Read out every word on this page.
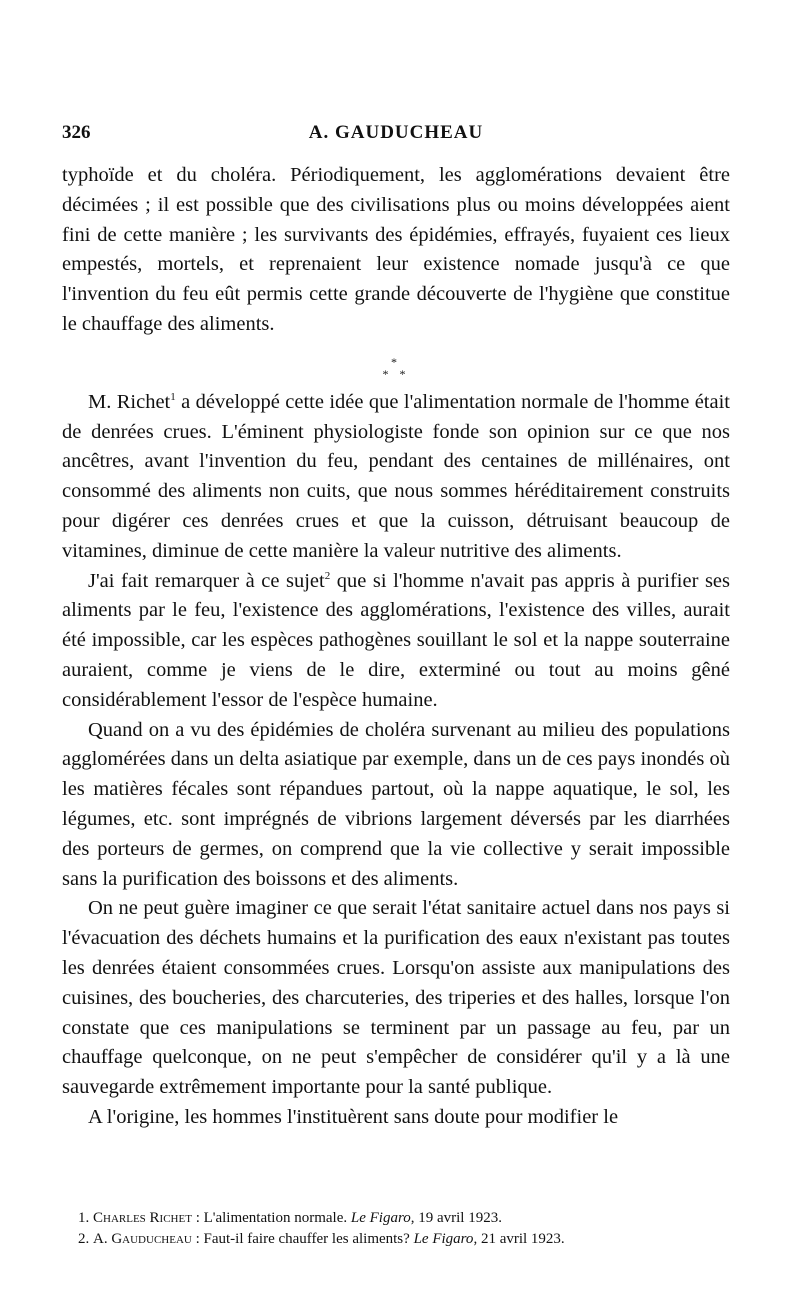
326	A. GAUDUCHEAU

typhoïde et du choléra. Périodiquement, les agglomérations devaient être décimées ; il est possible que des civilisations plus ou moins développées aient fini de cette manière ; les survivants des épidémies, effrayés, fuyaient ces lieux empestés, mortels, et reprenaient leur existence nomade jusqu'à ce que l'invention du feu eût permis cette grande découverte de l'hygiène que constitue le chauffage des aliments.

*
* *

M. Richet$^1$ a développé cette idée que l'alimentation normale de l'homme était de denrées crues. L'éminent physiologiste fonde son opinion sur ce que nos ancêtres, avant l'invention du feu, pendant des centaines de millénaires, ont consommé des aliments non cuits, que nous sommes héréditairement construits pour digérer ces denrées crues et que la cuisson, détruisant beaucoup de vitamines, diminue de cette manière la valeur nutritive des aliments.

J'ai fait remarquer à ce sujet$^2$ que si l'homme n'avait pas appris à purifier ses aliments par le feu, l'existence des agglomérations, l'existence des villes, aurait été impossible, car les espèces pathogènes souillant le sol et la nappe souterraine auraient, comme je viens de le dire, exterminé ou tout au moins gêné considérablement l'essor de l'espèce humaine.

Quand on a vu des épidémies de choléra survenant au milieu des populations agglomérées dans un delta asiatique par exemple, dans un de ces pays inondés où les matières fécales sont répandues partout, où la nappe aquatique, le sol, les légumes, etc. sont imprégnés de vibrions largement déversés par les diarrhées des porteurs de germes, on comprend que la vie collective y serait impossible sans la purification des boissons et des aliments.

On ne peut guère imaginer ce que serait l'état sanitaire actuel dans nos pays si l'évacuation des déchets humains et la purification des eaux n'existant pas toutes les denrées étaient consommées crues. Lorsqu'on assiste aux manipulations des cuisines, des boucheries, des charcuteries, des triperies et des halles, lorsque l'on constate que ces manipulations se terminent par un passage au feu, par un chauffage quelconque, on ne peut s'empêcher de considérer qu'il y a là une sauvegarde extrêmement importante pour la santé publique.

A l'origine, les hommes l'instituèrent sans doute pour modifier le

1. Charles Richet : L'alimentation normale. Le Figaro, 19 avril 1923.
2. A. Gauducheau : Faut-il faire chauffer les aliments? Le Figaro, 21 avril 1923.
